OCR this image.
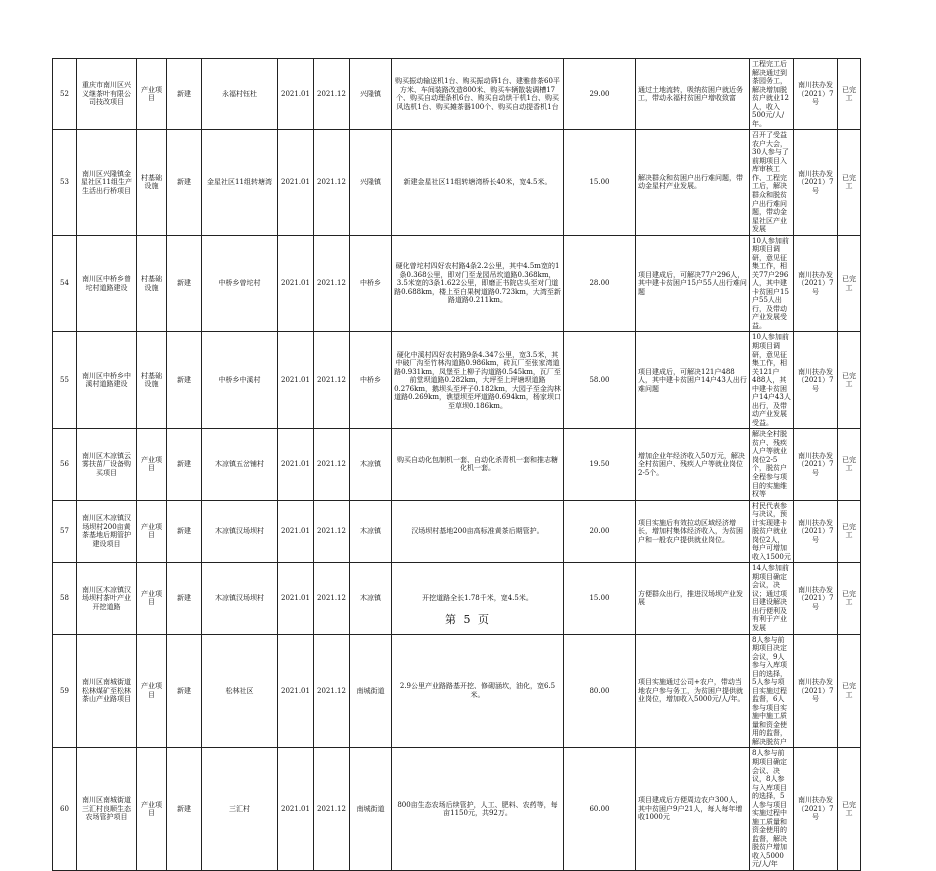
52	重庆市南川区兴义继茶叶有限公司技改项目	产业项目	新建	永福村钰杜	2021.01	2021.12	兴隆镇	购买振动输送机1台、购买振动筛1台、建雅普茶60平方米、车间装路改造800米、购买车辆散装调槽17个、购买自动理条机6台、购买自动烘干机1台、购买风选机1台、购买摊茶器100个、购买自动提香机1台	29.00	通过土地流转，吸纳贫困户就近务工，带动永福村贫困户增收致富	工程完工后解决通过到茶园务工，解决增加脱贫户就业12人，收入500元/人/年。	南川扶办发（2021）7号	已完工
53	南川区兴隆镇金星社区11组生产生活出行桥项目	村基础设施	新建	金星社区11组转塘湾	2021.01	2021.12	兴隆镇	新建金星社区11组转塘湾桥长40米，宽4.5米。	15.00	解决群众和贫困户出行难问题，带动金星村产业发展。	召开了受益农户大会，30人参与了前期项目入库审核工作、工程完工后，解决群众和脱贫户出行难问题，带动金星社区产业发展	南川扶办发（2021）7号	已完工
54	南川区中桥乡曾坨村道路建设	村基础设施	新建	中桥乡曾坨村	2021.01	2021.12	中桥乡	硬化曾坨村四好农村路4条2.2公里，其中4.5m宽的1条0.368公里，即对门至龙园吊坎道路0.368km，3.5米宽的3条1.622公里，即磨正书院店头至对门道路0.688km，楼上至白果树道路0.723km，大湾至新路道路0.211km。	28.00	项目建成后，可解决77户296人，其中建卡贫困户15户55人出行难问题	10人参加前期项目调研，意见征集工作，相关77户296人，其中建卡贫困户15户55人出行，及带动产业发展受益。	南川扶办发（2021）7号	已完工
55	南川区中桥乡中溪村道路建设	村基础设施	新建	中桥乡中溪村	2021.01	2021.12	中桥乡	硬化中溪村四好农村路9条4.347公里，宽3.5米，其中破厂沟至竹林沟道路0.986km，砖瓦厂至张家湾道路0.931km，凤堡至上柳子沟道路0.545km，瓦厂至前堂坝道路0.282km，大坪至上坪塘坝道路0.276km，鹅坝头至坪子0.182km，大园子至金沟林道路0.269km，谯望坝至坪道路0.694km，杨家坝口至草坝0.186km。	58.00	项目建成后，可解决121户488人，其中建卡贫困户14户43人出行难问题	10人参加前期项目调研，意见征集工作，相关121户488人，其中建卡贫困户14户43人出行，及带动产业发展受益。	南川扶办发（2021）7号	已完工
56	南川区木凉镇云雾扶苗厂设备购买项目	产业项目	新建	木凉镇五岔铺村	2021.01	2021.12	木凉镇	购买自动化包制机一套、自动化杀青机一套和推志糖化机一套。	19.50	增加企业年经济收入50万元，解决全村贫困户、残疾人户等就业岗位2-5个。	解决全村脱贫户、残疾人户等就业岗位2-5个，脱贫户全程参与项目的实施维权等	南川扶办发（2021）7号	已完工
57	南川区木凉镇汉场坝村200亩黄茶基地后期管护建设项目	产业项目	新建	木凉镇汉场坝村	2021.01	2021.12	木凉镇	汉场坝村基地200亩高标准黄茶后期管护。	20.00	项目实施后有效拉动区域经济增长，增加村集体经济收入，为贫困户和一般农户提供就业岗位。	村民代表参与决议，预计实现建卡脱贫户就业岗位2人，每户可增加收入1500元	南川扶办发（2021）7号	已完工
58	南川区木凉镇汉场坝村茶叶产业开挖道路	产业项目	新建	木凉镇汉场坝村	2021.01	2021.12	木凉镇	开挖道路全长1.78千米，宽4.5米。	15.00	方便群众出行，推进汉场坝产业发展	14人参加前期项目确定会议，决议；通过项目建设解决出行便利及有利于产业发展	南川扶办发（2021）7号	已完工
59	南川区南城街道松林煤矿至松林茶山产业路项目	产业项目	新建	松林社区	2021.01	2021.12	南城街道	2.9公里产业路路基开挖、修砌涵坎，油化，宽6.5米。	80.00	项目实施通过公司+农户，带动当地农户参与务工，为贫困户提供就业岗位，增加收入5000元/人/年。	8人参与前期项目决定会议，9人参与入库项目的选择，5人参与项目实施过程监督，6人参与项目实施中施工质量和资金使用的监督，解决脱贫户	南川扶办发（2021）7号	已完工
60	南川区南城街道三汇村良顺生态农场管护项目	产业项目	新建	三汇村	2021.01	2021.12	南城街道	800亩生态农场后续管护，人工、肥料、农药等，每亩1150元，共92万。	60.00	项目建成后方便周边农户300人，其中贫困户9户21人，每人每年增收1000元	8人参与前期项目确定会议、决议，8人参与入库项目的选择，5人参与项目实施过程中施工质量和资金使用的监督，解决脱贫户增加收入5000元/人/年	南川扶办发（2021）7号	已完工
第 5 页
